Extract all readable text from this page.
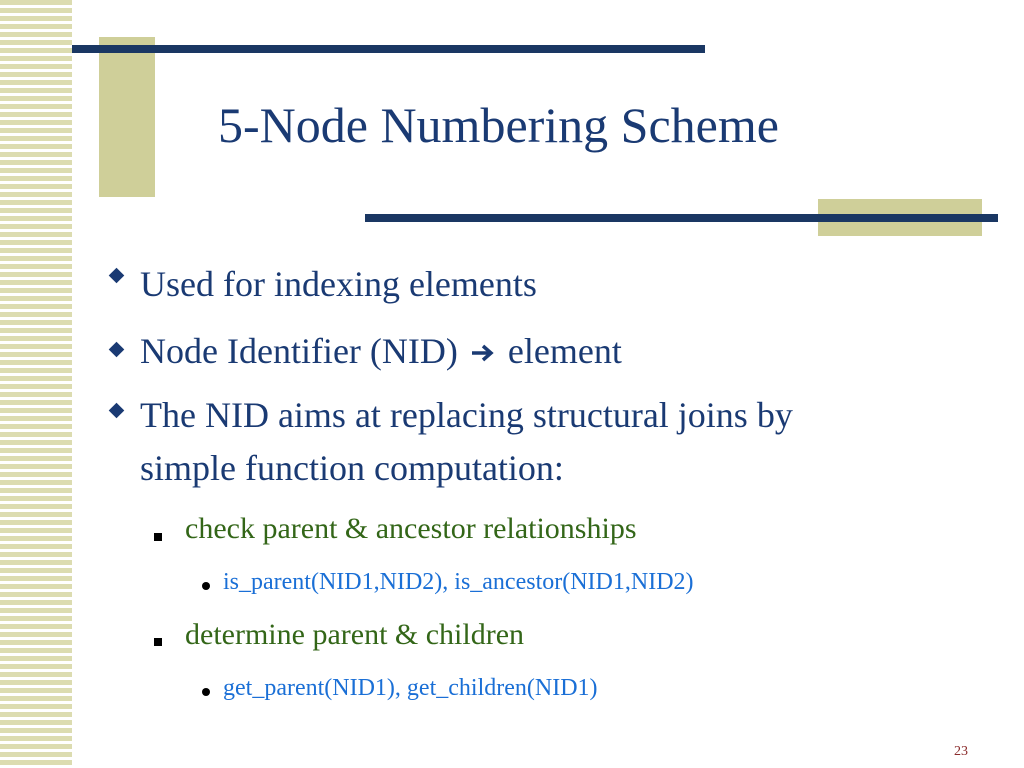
5-Node Numbering Scheme
Used for indexing elements
Node Identifier (NID) element
The NID aims at replacing structural joins by
simple function computation:
check parent & ancestor relationships
is_parent(NID1,NID2), is_ancestor(NID1,NID2)
determine parent & children
get_parent(NID1), get_children(NID1)
23
